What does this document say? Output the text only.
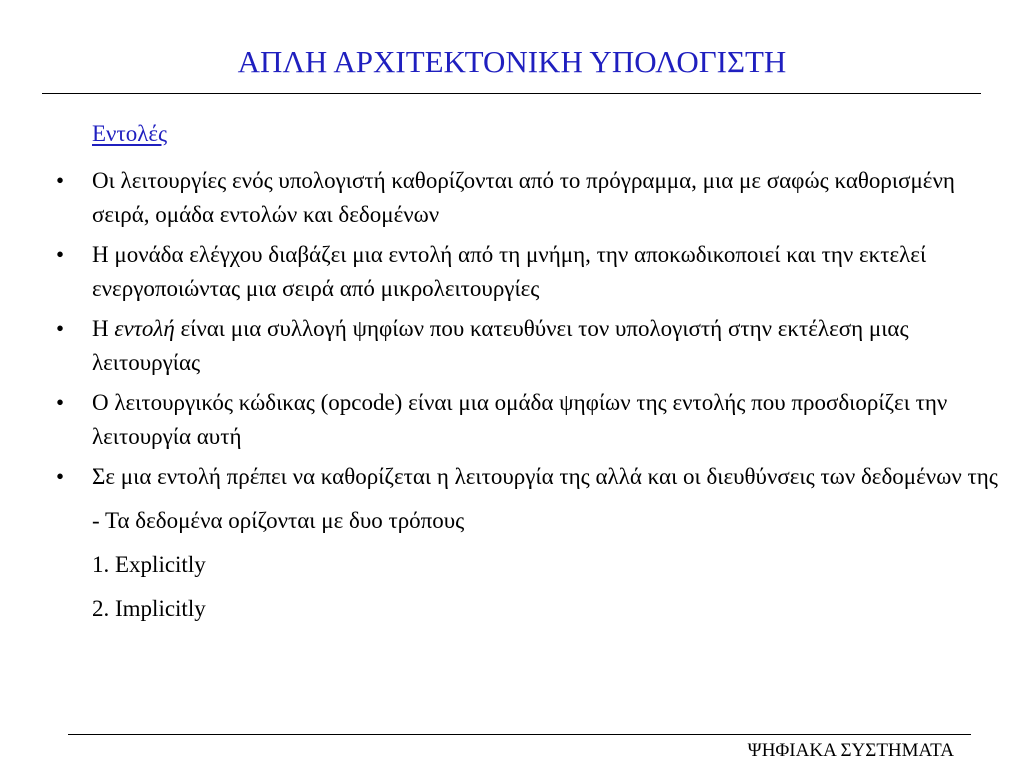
ΑΠΛΗ ΑΡΧΙΤΕΚΤΟΝΙΚΗ ΥΠΟΛΟΓΙΣΤΗ
Εντολές
• Οι λειτουργίες ενός υπολογιστή καθορίζονται από το πρόγραμμα, μια με σαφώς καθορισμένη σειρά, ομάδα εντολών και δεδομένων
• Η μονάδα ελέγχου διαβάζει μια εντολή από τη μνήμη, την αποκωδικοποιεί και την εκτελεί ενεργοποιώντας μια σειρά από μικρολειτουργίες
• Η εντολή είναι μια συλλογή ψηφίων που κατευθύνει τον υπολογιστή στην εκτέλεση μιας λειτουργίας
• Ο λειτουργικός κώδικας (opcode) είναι μια ομάδα ψηφίων της εντολής που προσδιορίζει την λειτουργία αυτή
• Σε μια εντολή πρέπει να καθορίζεται η λειτουργία της αλλά και οι διευθύνσεις των δεδομένων της
- Τα δεδομένα ορίζονται με δυο τρόπους
1. Explicitly
2. Implicitly
ΨΗΦΙΑΚΑ ΣΥΣΤΗΜΑΤΑ
